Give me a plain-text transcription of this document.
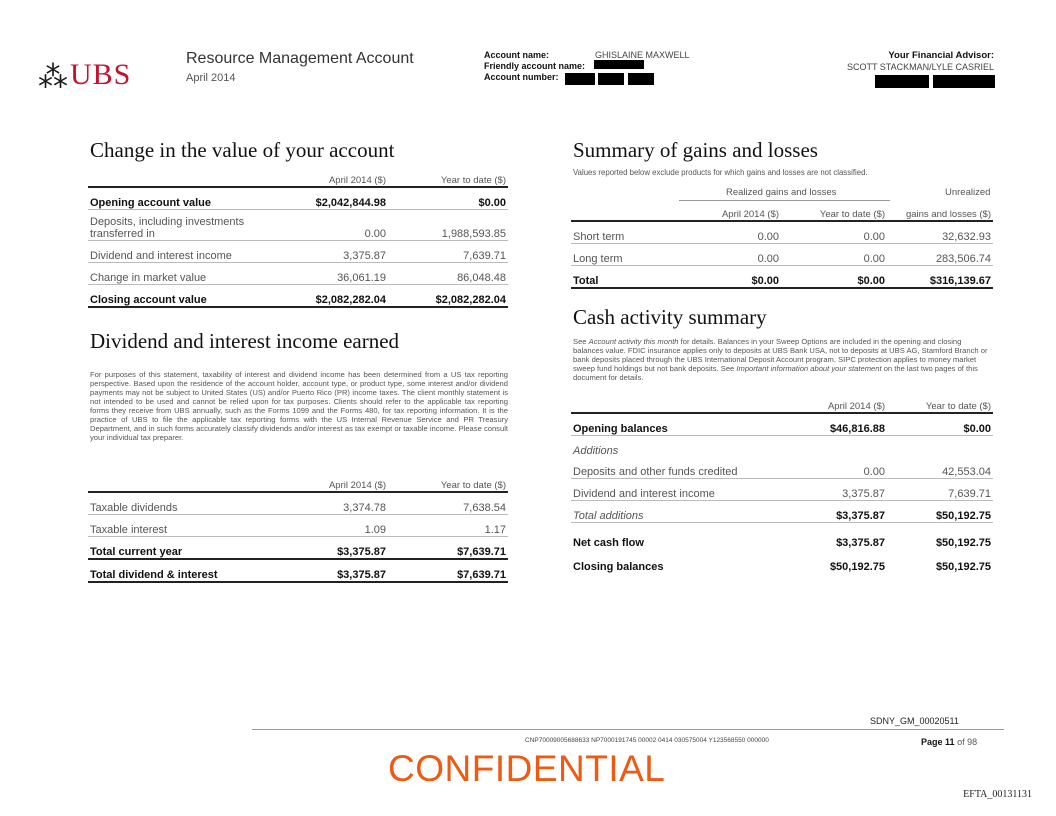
⁂ UBS	Resource Management Account
April 2014
Account name:
Friendly account name:
Account number:
GHISLAINE MAXWELL	Your Financial Advisor:
SCOTT STACKMAN/LYLE CASRIEL
Change in the value of your account
	April 2014 ($)	Year to date ($)
Opening account value	$2,042,844.98	$0.00
Deposits, including investments transferred in	0.00	1,988,593.85
Dividend and interest income	3,375.87	7,639.71
Change in market value	36,061.19	86,048.48
Closing account value	$2,082,282.04	$2,082,282.04
Dividend and interest income earned
For purposes of this statement, taxability of interest and dividend income has been determined from a US tax reporting perspective. Based upon the residence of the account holder, account type, or product type, some interest and/or dividend payments may not be subject to United States (US) and/or Puerto Rico (PR) income taxes. The client monthly statement is not intended to be used and cannot be relied upon for tax purposes. Clients should refer to the applicable tax reporting forms they receive from UBS annually, such as the Forms 1099 and the Forms 480, for tax reporting information. It is the practice of UBS to file the applicable tax reporting forms with the US Internal Revenue Service and PR Treasury Department, and in such forms accurately classify dividends and/or interest as tax exempt or taxable income. Please consult your individual tax preparer.
	April 2014 ($)	Year to date ($)
Taxable dividends	3,374.78	7,638.54
Taxable interest	1.09	1.17
Total current year	$3,375.87	$7,639.71
Total dividend & interest	$3,375.87	$7,639.71
Summary of gains and losses
Values reported below exclude products for which gains and losses are not classified.
Realized gains and losses	Unrealized
	April 2014 ($)	Year to date ($)	gains and losses ($)
Short term	0.00	0.00	32,632.93
Long term	0.00	0.00	283,506.74
Total	$0.00	$0.00	$316,139.67
Cash activity summary
See Account activity this month for details. Balances in your Sweep Options are included in the opening and closing balances value. FDIC insurance applies only to deposits at UBS Bank USA, not to deposits at UBS AG, Stamford Branch or bank deposits placed through the UBS International Deposit Account program. SIPC protection applies to money market sweep fund holdings but not bank deposits. See Important information about your statement on the last two pages of this document for details.
	April 2014 ($)	Year to date ($)
Opening balances	$46,816.88	$0.00
Additions		
Deposits and other funds credited	0.00	42,553.04
Dividend and interest income	3,375.87	7,639.71
Total additions	$3,375.87	$50,192.75
Net cash flow	$3,375.87	$50,192.75
Closing balances	$50,192.75	$50,192.75
SDNY_GM_00020511
CNP70009005688633 NP7000191745 00002 0414 030575004 Y123568550 000000	Page 11 of 98
CONFIDENTIAL
EFTA_00131131
